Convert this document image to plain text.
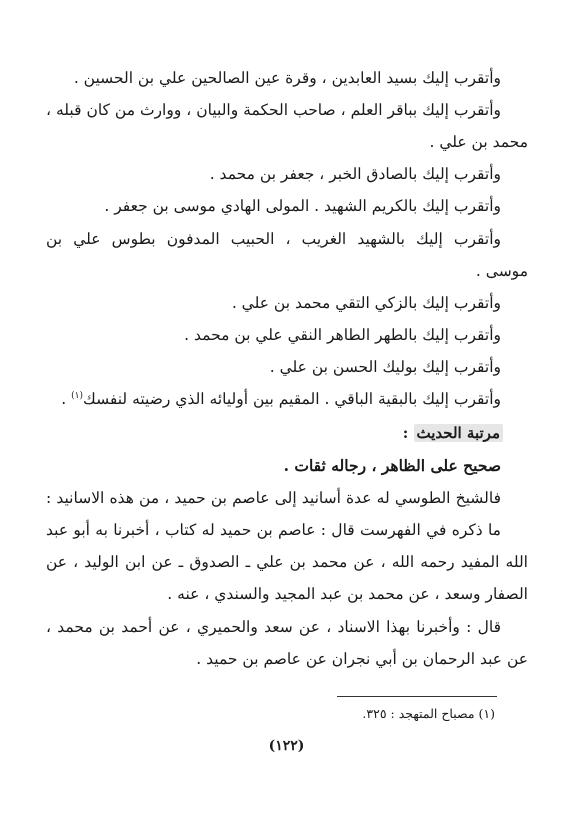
وأتقرب إليك بسيد العابدين ، وقرة عين الصالحين علي بن الحسين .
وأتقرب إليك بباقر العلم ، صاحب الحكمة والبيان ، ووارث من كان قبله ،
محمد بن علي .
وأتقرب إليك بالصادق الخبر ، جعفر بن محمد .
وأتقرب إليك بالكريم الشهيد . المولى الهادي موسى بن جعفر .
وأتقرب إليك بالشهيد الغريب ، الحبيب المدفون بطوس علي بن
موسى .
وأتقرب إليك بالزكي التقي محمد بن علي .
وأتقرب إليك بالطهر الطاهر النقي علي بن محمد .
وأتقرب إليك بوليك الحسن بن علي .
وأتقرب إليك بالبقية الباقي . المقيم بين أوليائه الذي رضيته لنفسك$^{(١)}$ .
مرتبة الحديث :
صحيح على الظاهر ، رجاله ثقات .
فالشيخ الطوسي له عدة أسانيد إلى عاصم بن حميد ، من هذه الاسانيد :
ما ذكره في الفهرست قال : عاصم بن حميد له كتاب ، أخبرنا به أبو عبد
الله المفيد رحمه الله ، عن محمد بن علي ـ الصدوق ـ عن ابن الوليد ، عن
الصفار وسعد ، عن محمد بن عبد المجيد والسندي ، عنه .
قال : وأخبرنا بهذا الاسناد ، عن سعد والحميري ، عن أحمد بن محمد ،
عن عبد الرحمان بن أبي نجران عن عاصم بن حميد .
(١) مصباح المتهجد : ٣٢٥.
(١٢٢)
